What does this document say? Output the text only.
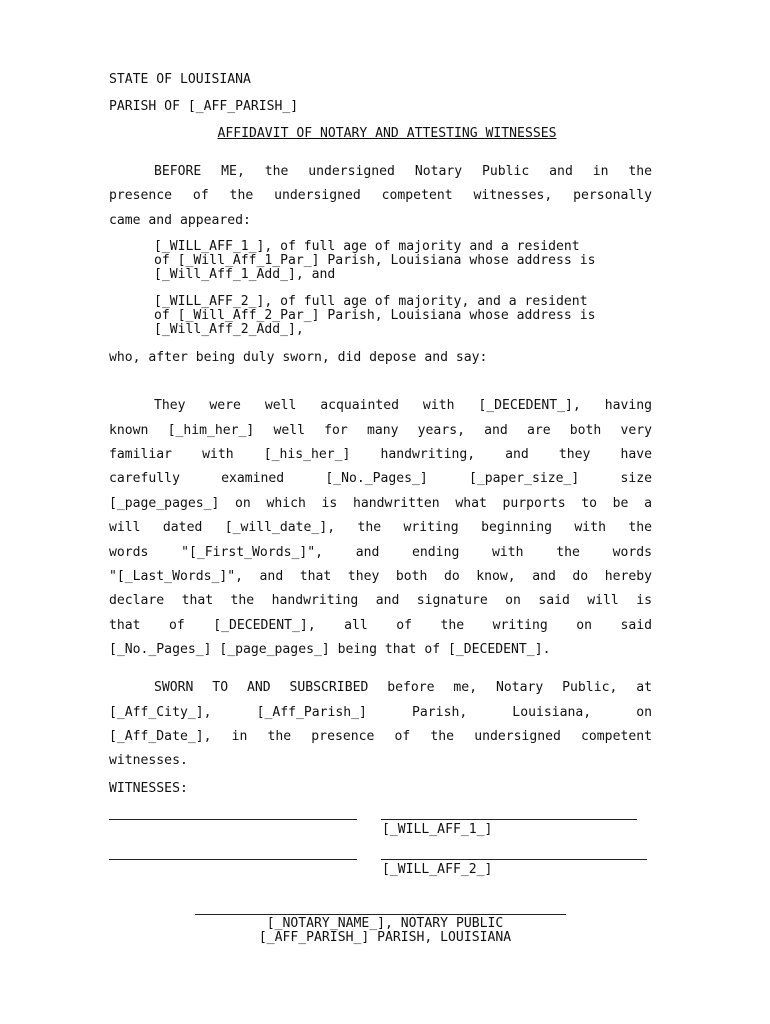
STATE OF LOUISIANA
PARISH OF [_AFF_PARISH_]
AFFIDAVIT OF NOTARY AND ATTESTING WITNESSES
BEFORE ME, the undersigned Notary Public and in the
presence of the undersigned competent witnesses, personally
came and appeared:
[_WILL_AFF_1_], of full age of majority and a resident
of [_Will_Aff_1_Par_] Parish, Louisiana whose address is
[_Will_Aff_1_Add_], and
[_WILL_AFF_2_], of full age of majority, and a resident
of [_Will_Aff_2_Par_] Parish, Louisiana whose address is
[_Will_Aff_2_Add_],
who, after being duly sworn, did depose and say:
They were well acquainted with [_DECEDENT_], having
known [_him_her_] well for many years, and are both very
familiar with [_his_her_] handwriting, and they have
carefully examined [_No._Pages_] [_paper_size_] size
[_page_pages_] on which is handwritten what purports to be a
will dated [_will_date_], the writing beginning with the
words "[_First_Words_]", and ending with the words
"[_Last_Words_]", and that they both do know, and do hereby
declare that the handwriting and signature on said will is
that of [_DECEDENT_], all of the writing on said
[_No._Pages_] [_page_pages_] being that of [_DECEDENT_].
SWORN TO AND SUBSCRIBED before me, Notary Public, at
[_Aff_City_], [_Aff_Parish_] Parish, Louisiana, on
[_Aff_Date_], in the presence of the undersigned competent
witnesses.
WITNESSES:
[_WILL_AFF_1_]
[_WILL_AFF_2_]
[_NOTARY_NAME_], NOTARY PUBLIC
[_AFF_PARISH_] PARISH, LOUISIANA
